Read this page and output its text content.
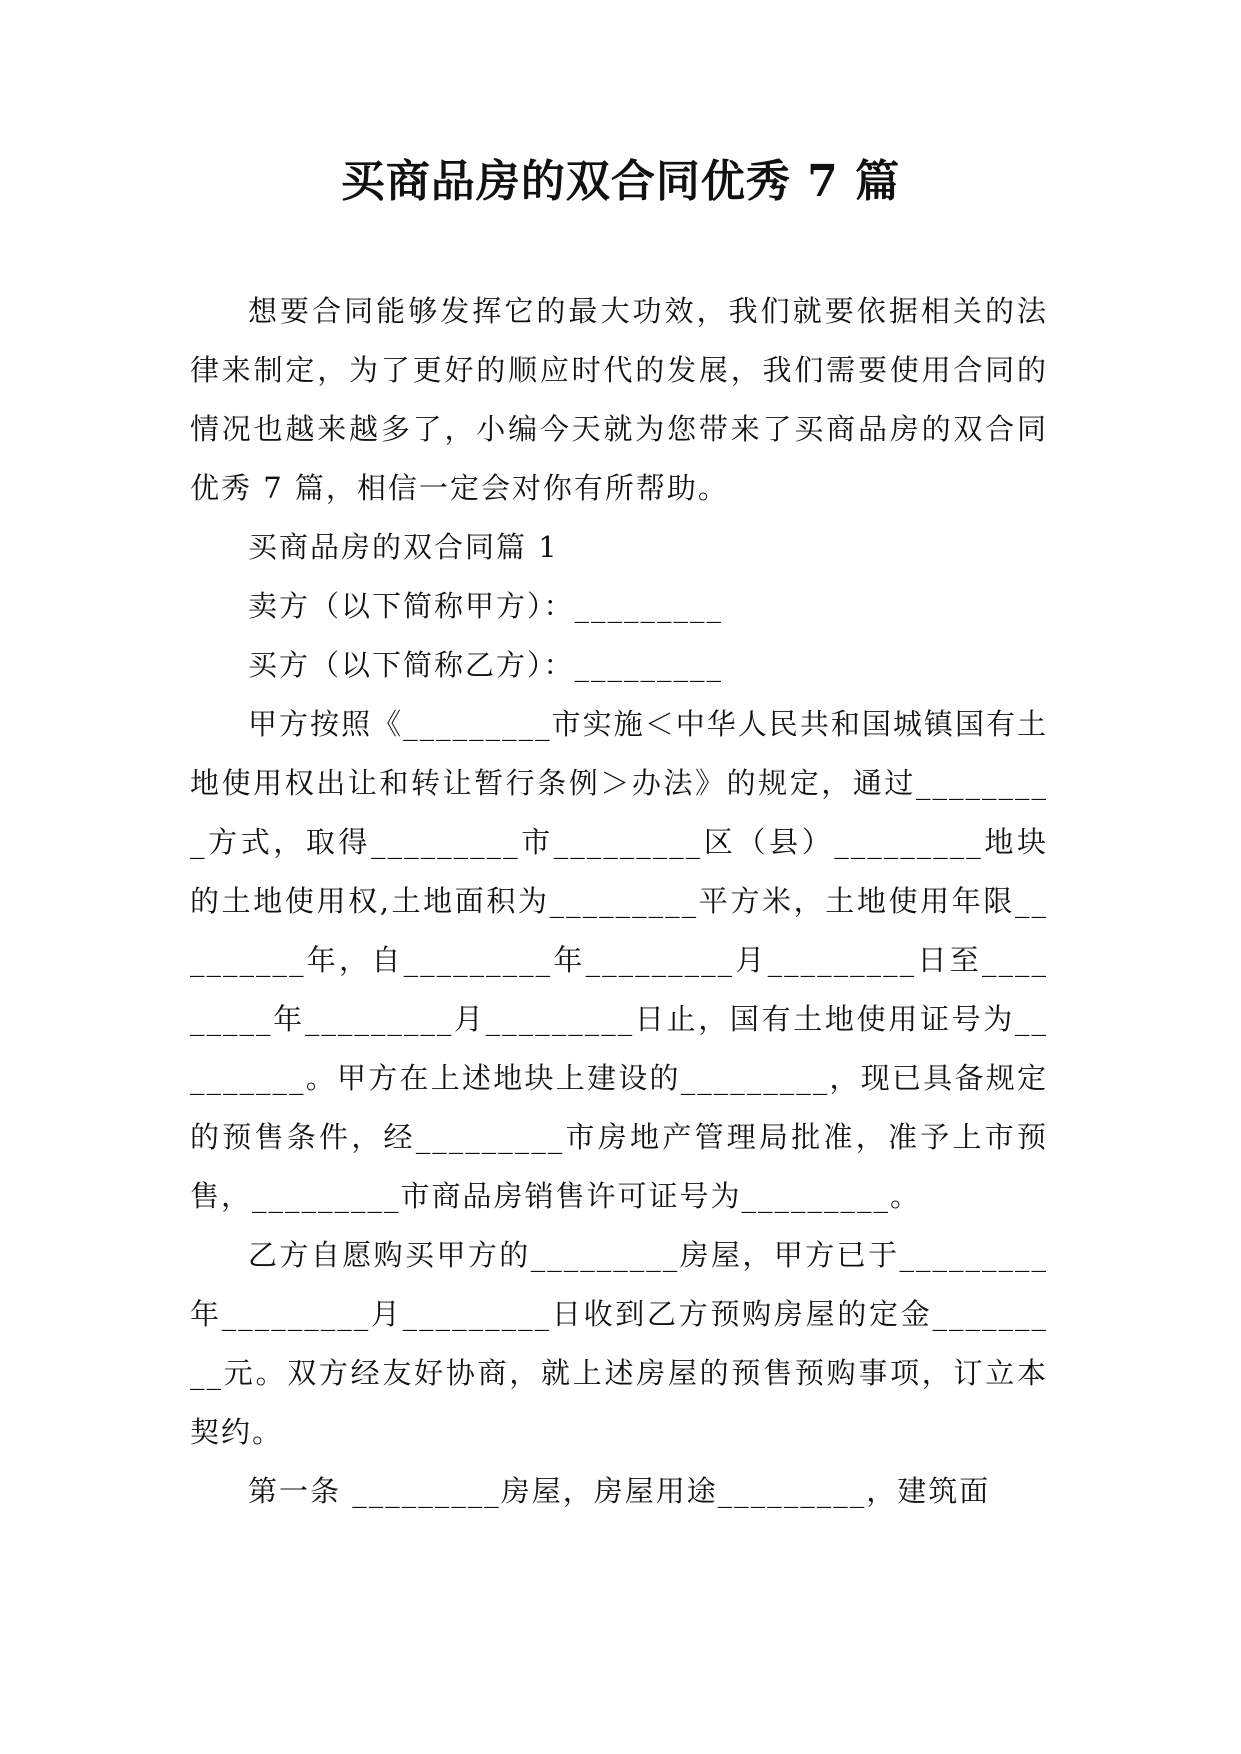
买商品房的双合同优秀 7 篇

想要合同能够发挥它的最大功效，我们就要依据相关的法律来制定，为了更好的顺应时代的发展，我们需要使用合同的情况也越来越多了，小编今天就为您带来了买商品房的双合同优秀 7 篇，相信一定会对你有所帮助。

买商品房的双合同篇 1

卖方（以下简称甲方）：_________

买方（以下简称乙方）：_________

甲方按照《_________市实施＜中华人民共和国城镇国有土地使用权出让和转让暂行条例＞办法》的规定，通过_________方式，取得_________市_________区（县）_________地块的土地使用权,土地面积为_________平方米，土地使用年限_________年，自_________年_________月_________日至_________年_________月_________日止，国有土地使用证号为_________。甲方在上述地块上建设的_________，现已具备规定的预售条件，经_________市房地产管理局批准，准予上市预售，_________市商品房销售许可证号为_________。

乙方自愿购买甲方的_________房屋，甲方已于_________年_________月_________日收到乙方预购房屋的定金_________元。双方经友好协商，就上述房屋的预售预购事项，订立本契约。

第一条 _________房屋，房屋用途_________，建筑面
